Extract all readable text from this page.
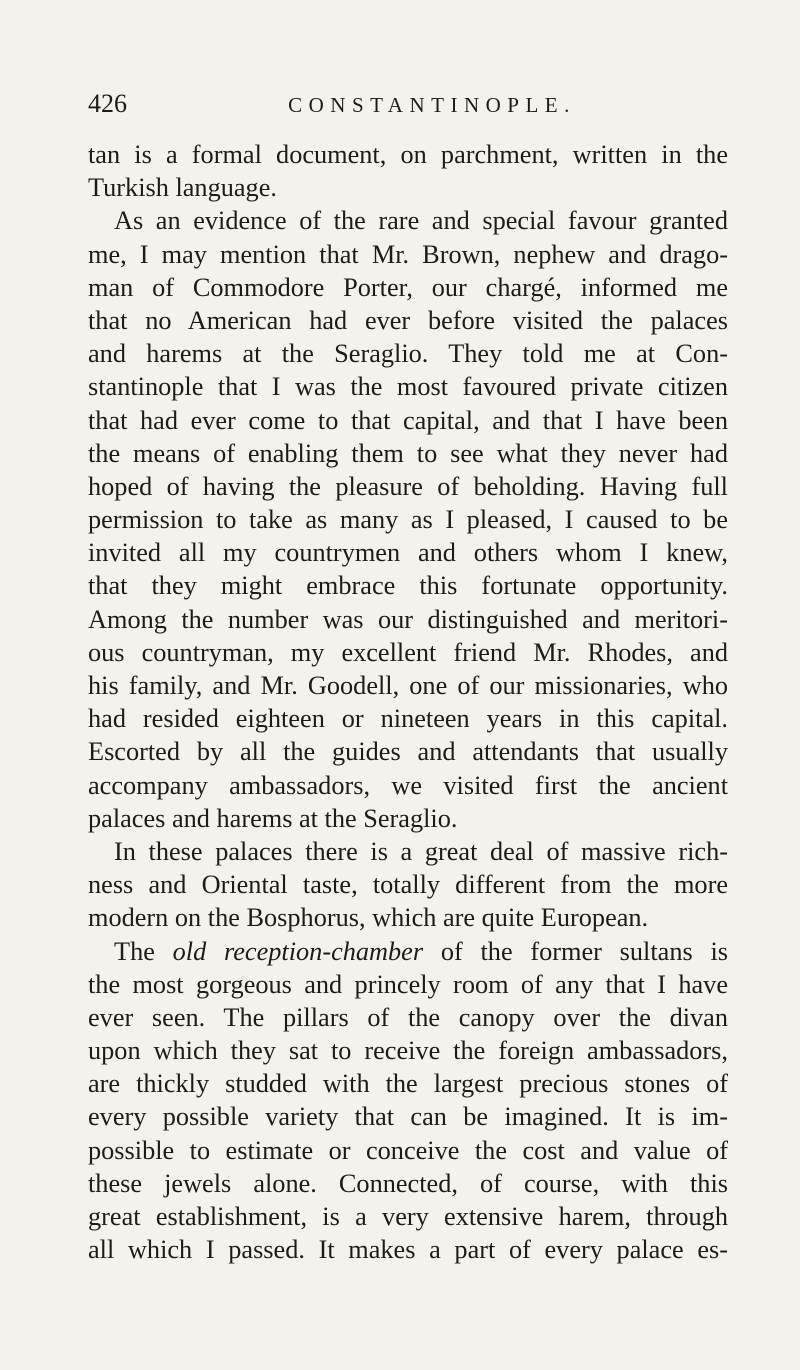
426	CONSTANTINOPLE.
tan is a formal document, on parchment, written in the
Turkish language.
As an evidence of the rare and special favour granted
me, I may mention that Mr. Brown, nephew and drago-
man of Commodore Porter, our chargé, informed me
that no American had ever before visited the palaces
and harems at the Seraglio. They told me at Con-
stantinople that I was the most favoured private citizen
that had ever come to that capital, and that I have been
the means of enabling them to see what they never had
hoped of having the pleasure of beholding. Having full
permission to take as many as I pleased, I caused to be
invited all my countrymen and others whom I knew,
that they might embrace this fortunate opportunity.
Among the number was our distinguished and meritori-
ous countryman, my excellent friend Mr. Rhodes, and
his family, and Mr. Goodell, one of our missionaries, who
had resided eighteen or nineteen years in this capital.
Escorted by all the guides and attendants that usually
accompany ambassadors, we visited first the ancient
palaces and harems at the Seraglio.
In these palaces there is a great deal of massive rich-
ness and Oriental taste, totally different from the more
modern on the Bosphorus, which are quite European.
The old reception-chamber of the former sultans is
the most gorgeous and princely room of any that I have
ever seen. The pillars of the canopy over the divan
upon which they sat to receive the foreign ambassadors,
are thickly studded with the largest precious stones of
every possible variety that can be imagined. It is im-
possible to estimate or conceive the cost and value of
these jewels alone. Connected, of course, with this
great establishment, is a very extensive harem, through
all which I passed. It makes a part of every palace es-
